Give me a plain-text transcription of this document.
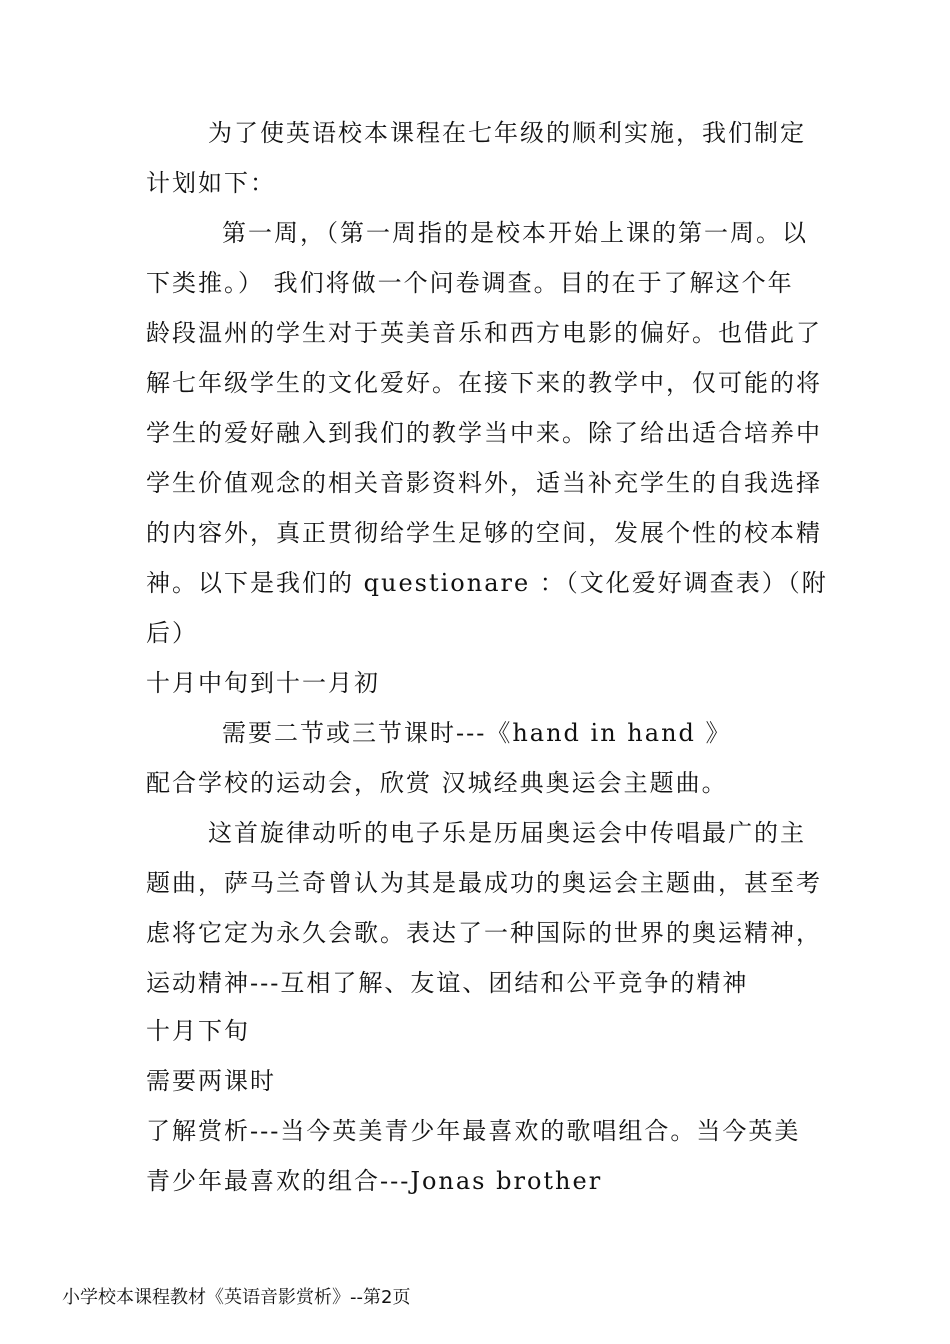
为了使英语校本课程在七年级的顺利实施，我们制定
计划如下：
第一周，（第一周指的是校本开始上课的第一周。以
下类推。） 我们将做一个问卷调查。目的在于了解这个年
龄段温州的学生对于英美音乐和西方电影的偏好。也借此了
解七年级学生的文化爱好。在接下来的教学中，仅可能的将
学生的爱好融入到我们的教学当中来。除了给出适合培养中
学生价值观念的相关音影资料外，适当补充学生的自我选择
的内容外，真正贯彻给学生足够的空间，发展个性的校本精
神。以下是我们的 questionare ：（文化爱好调查表）（附
后）
十月中旬到十一月初
需要二节或三节课时---《hand in hand 》
配合学校的运动会，欣赏 汉城经典奥运会主题曲。
这首旋律动听的电子乐是历届奥运会中传唱最广的主
题曲，萨马兰奇曾认为其是最成功的奥运会主题曲，甚至考
虑将它定为永久会歌。表达了一种国际的世界的奥运精神，
运动精神---互相了解、友谊、团结和公平竞争的精神
十月下旬
需要两课时
了解赏析---当今英美青少年最喜欢的歌唱组合。当今英美
青少年最喜欢的组合---Jonas brother
小学校本课程教材《英语音影赏析》--第2页
